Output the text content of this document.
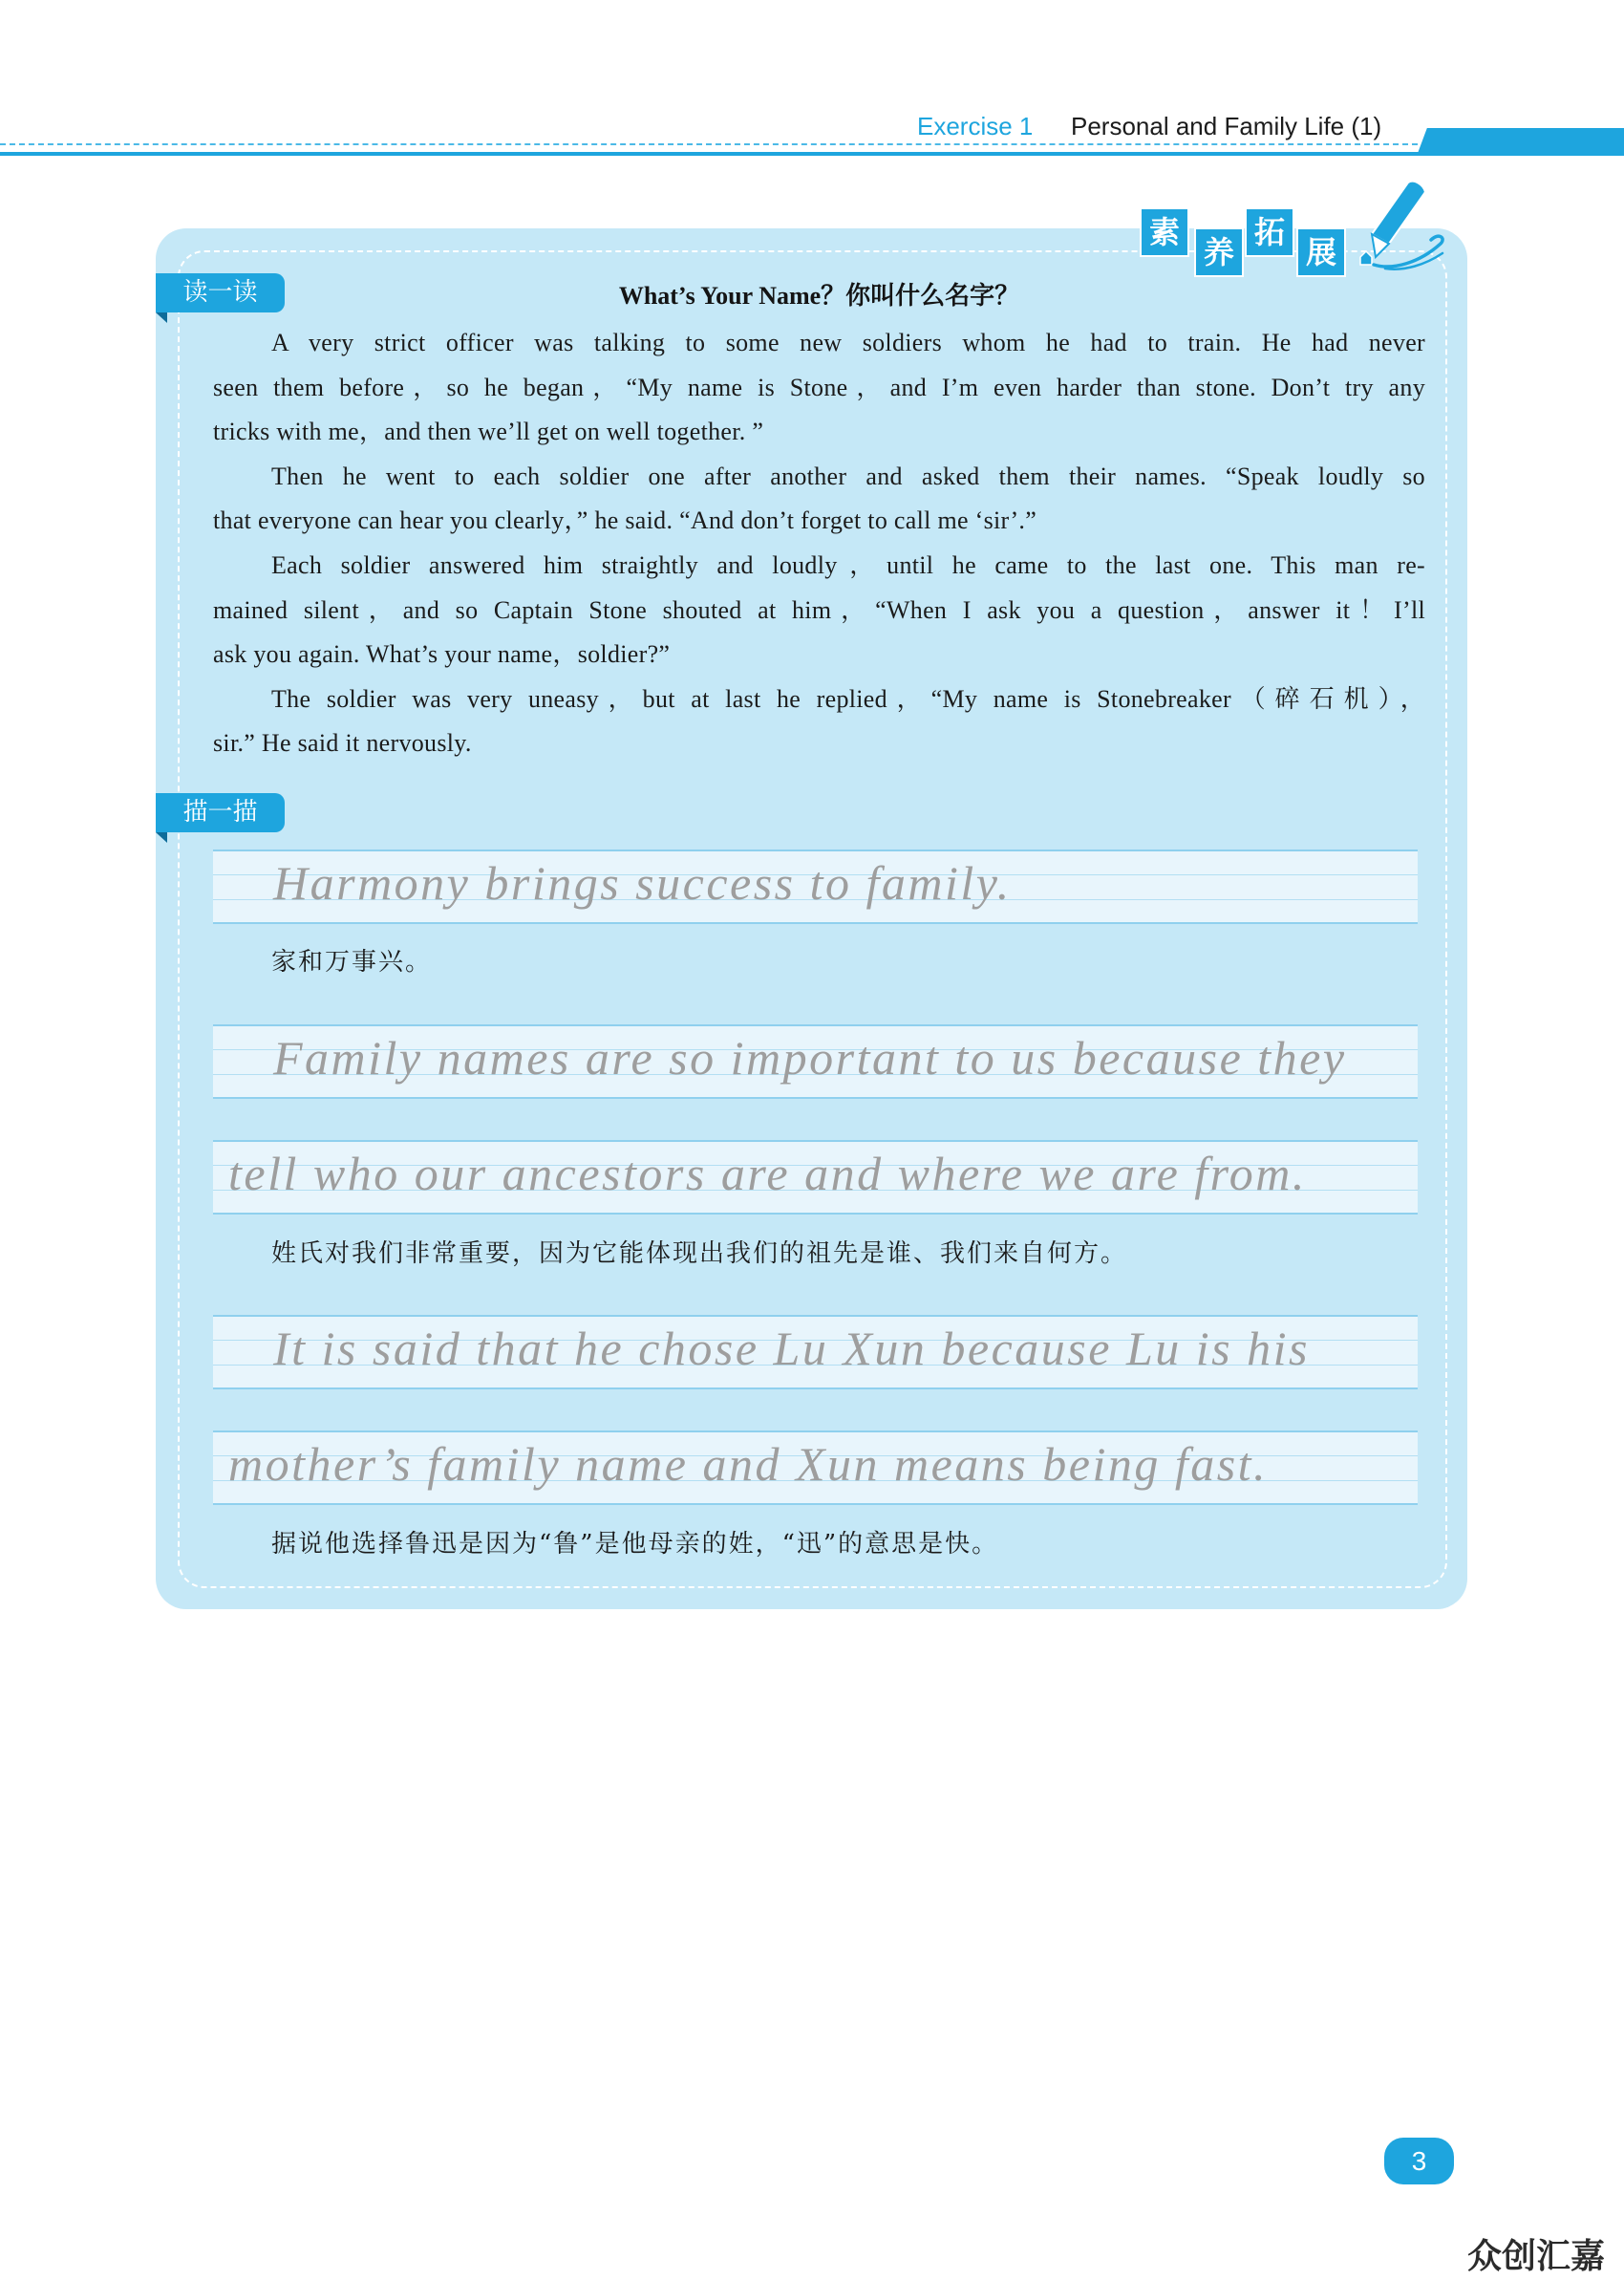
Exercise 1 Personal and Family Life (1)
素
养
拓
展
读一读	What’s Your Name？你叫什么名字？
A very strict officer was talking to some new soldiers whom he had to train. He had never
seen them before，so he began，“My name is Stone，and I’m even harder than stone. Don’t try any
tricks with me，and then we’ll get on well together. ”
Then he went to each soldier one after another and asked them their names. “Speak loudly so
that everyone can hear you clearly，” he said. “And don’t forget to call me ‘sir’.”
Each soldier answered him straightly and loudly，until he came to the last one. This man re-
mained silent，and so Captain Stone shouted at him，“When I ask you a question，answer it！I’ll
ask you again. What’s your name，soldier?”
The soldier was very uneasy，but at last he replied，“My name is Stonebreaker（碎石机），
sir.” He said it nervously.
描一描
Harmony brings success to family.
家和万事兴。
Family names are so important to us because they
tell who our ancestors are and where we are from.
姓氏对我们非常重要，因为它能体现出我们的祖先是谁、我们来自何方。
It is said that he chose Lu Xun because Lu is his
mother’s family name and Xun means being fast.
据说他选择鲁迅是因为“鲁”是他母亲的姓，“迅”的意思是快。
3
众创汇嘉
